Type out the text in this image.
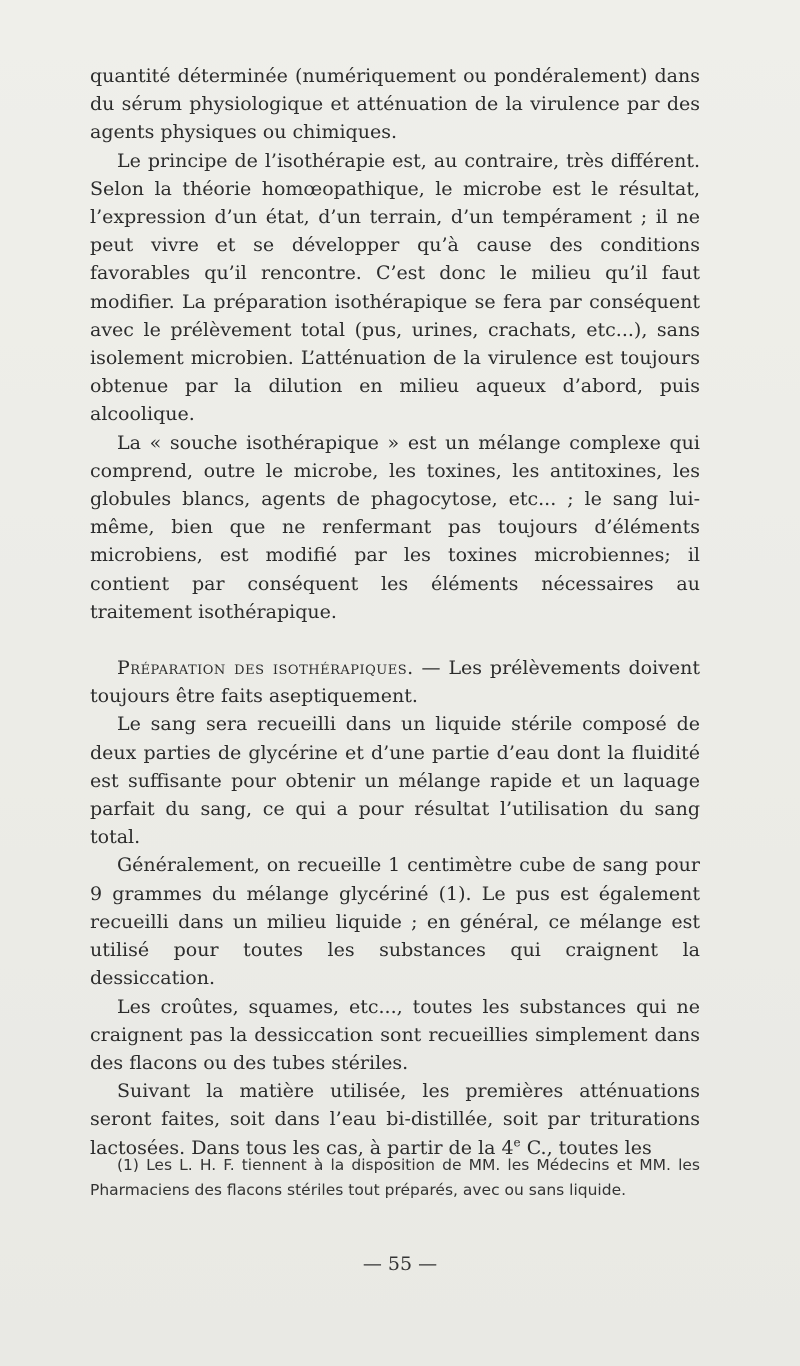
quantité déterminée (numériquement ou pondéralement) dans du sérum physiologique et atténuation de la virulence par des agents physiques ou chimiques.

Le principe de l’isothérapie est, au contraire, très différent. Selon la théorie homœopathique, le microbe est le résultat, l’expression d’un état, d’un terrain, d’un tempérament ; il ne peut vivre et se développer qu’à cause des conditions favorables qu’il rencontre. C’est donc le milieu qu’il faut modifier. La préparation isothérapique se fera par conséquent avec le prélèvement total (pus, urines, crachats, etc...), sans isolement microbien. L’atténuation de la virulence est toujours obtenue par la dilution en milieu aqueux d’abord, puis alcoolique.

La « souche isothérapique » est un mélange complexe qui comprend, outre le microbe, les toxines, les antitoxines, les globules blancs, agents de phagocytose, etc... ; le sang lui-même, bien que ne renfermant pas toujours d’éléments microbiens, est modifié par les toxines microbiennes; il contient par conséquent les éléments nécessaires au traitement isothérapique.

Préparation des isothérapiques. — Les prélèvements doivent toujours être faits aseptiquement.

Le sang sera recueilli dans un liquide stérile composé de deux parties de glycérine et d’une partie d’eau dont la fluidité est suffisante pour obtenir un mélange rapide et un laquage parfait du sang, ce qui a pour résultat l’utilisation du sang total.

Généralement, on recueille 1 centimètre cube de sang pour 9 grammes du mélange glycériné (1). Le pus est également recueilli dans un milieu liquide ; en général, ce mélange est utilisé pour toutes les substances qui craignent la dessiccation.

Les croûtes, squames, etc..., toutes les substances qui ne craignent pas la dessiccation sont recueillies simplement dans des flacons ou des tubes stériles.

Suivant la matière utilisée, les premières atténuations seront faites, soit dans l’eau bi-distillée, soit par triturations lactosées. Dans tous les cas, à partir de la 4e C., toutes les

(1) Les L. H. F. tiennent à la disposition de MM. les Médecins et MM. les Pharmaciens des flacons stériles tout préparés, avec ou sans liquide.

— 55 —
